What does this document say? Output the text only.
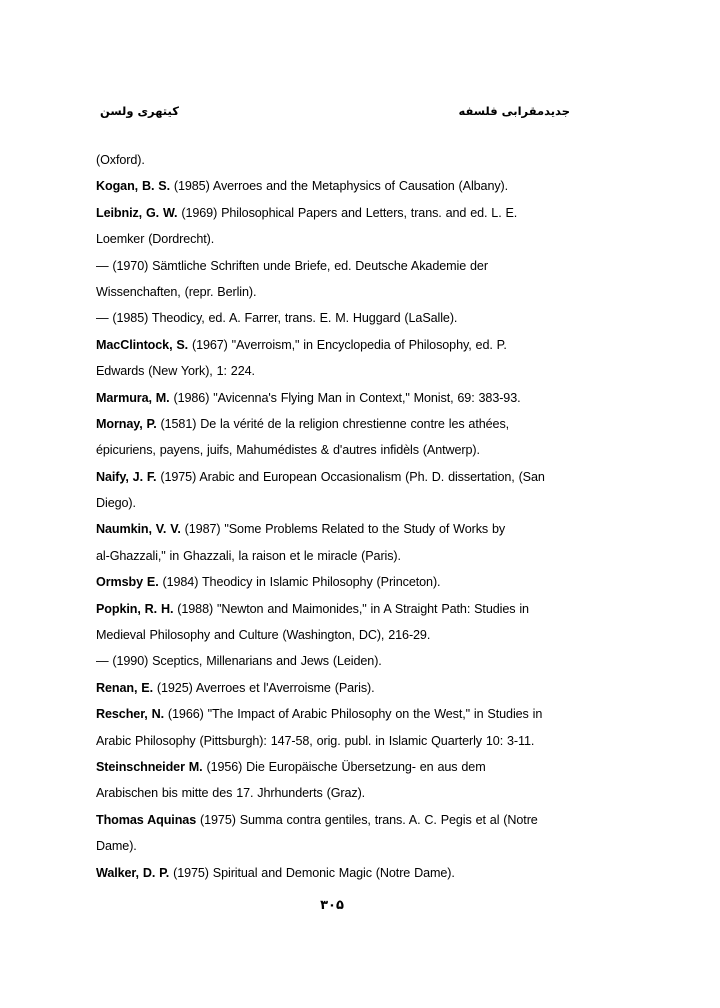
کیتهری ولسن	جدیدمقرابی فلسفه
(Oxford).
Kogan, B. S. (1985) Averroes and the Metaphysics of Causation (Albany).
Leibniz, G. W. (1969) Philosophical Papers and Letters, trans. and ed. L. E.
Loemker (Dordrecht).
— (1970) Sämtliche Schriften unde Briefe, ed. Deutsche Akademie der
Wissenchaften, (repr. Berlin).
— (1985) Theodicy, ed. A. Farrer, trans. E. M. Huggard (LaSalle).
MacClintock, S. (1967) "Averroism," in Encyclopedia of Philosophy, ed. P.
Edwards (New York), 1: 224.
Marmura, M. (1986) "Avicenna's Flying Man in Context," Monist, 69: 383-93.
Mornay, P. (1581) De la vérité de la religion chrestienne contre les athées,
épicuriens, payens, juifs, Mahumédistes & d'autres infidèls (Antwerp).
Naify, J. F. (1975) Arabic and European Occasionalism (Ph. D. dissertation, (San
Diego).
Naumkin, V. V. (1987) "Some Problems Related to the Study of Works by
al-Ghazzali," in Ghazzali, la raison et le miracle (Paris).
Ormsby E. (1984) Theodicy in Islamic Philosophy (Princeton).
Popkin, R. H. (1988) "Newton and Maimonides," in A Straight Path: Studies in
Medieval Philosophy and Culture (Washington, DC), 216-29.
— (1990) Sceptics, Millenarians and Jews (Leiden).
Renan, E. (1925) Averroes et l'Averroisme (Paris).
Rescher, N. (1966) "The Impact of Arabic Philosophy on the West," in Studies in
Arabic Philosophy (Pittsburgh): 147-58, orig. publ. in Islamic Quarterly 10: 3-11.
Steinschneider M. (1956) Die Europäische Übersetzung- en aus dem
Arabischen bis mitte des 17. Jhrhunderts (Graz).
Thomas Aquinas (1975) Summa contra gentiles, trans. A. C. Pegis et al (Notre
Dame).
Walker, D. P. (1975) Spiritual and Demonic Magic (Notre Dame).
۳۰۵
